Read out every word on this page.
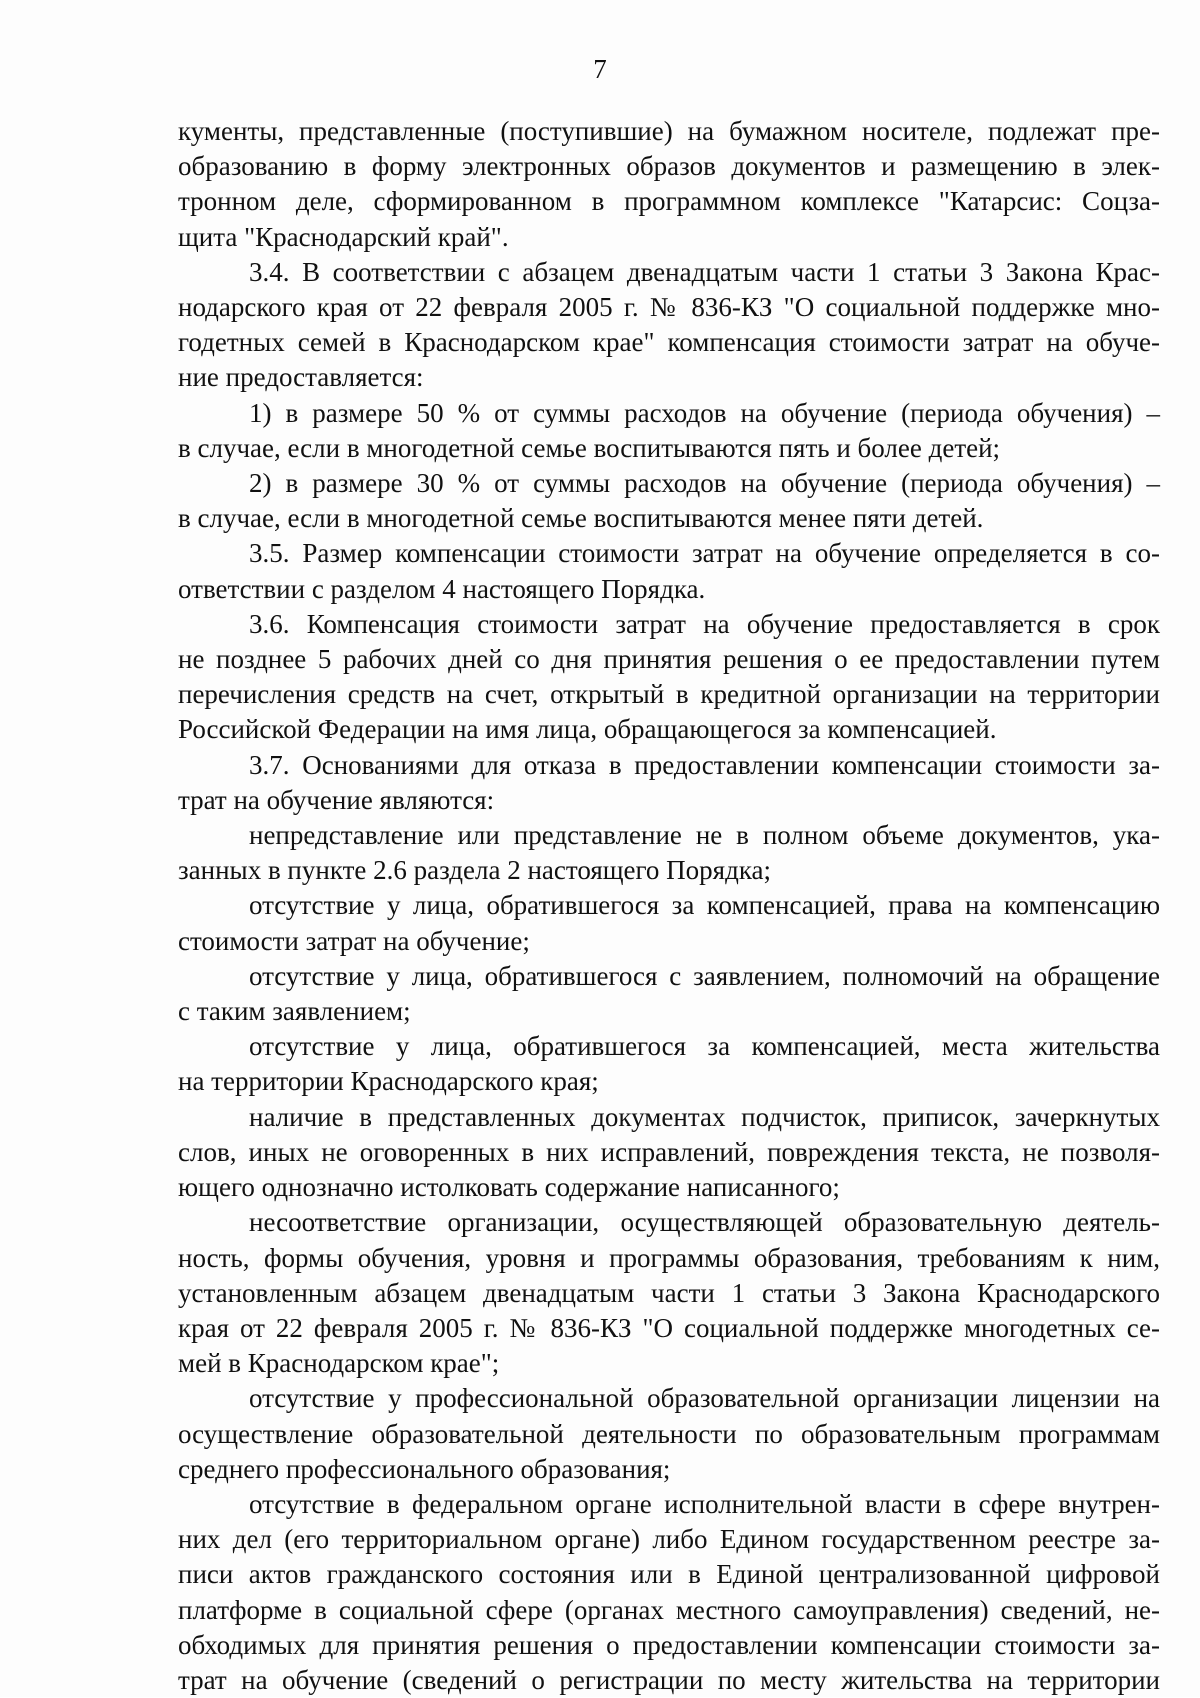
7

кументы, представленные (поступившие) на бумажном носителе, подлежат пре-
образованию в форму электронных образов документов и размещению в элек-
тронном деле, сформированном в программном комплексе "Катарсис: Соцза-
щита "Краснодарский край".

3.4. В соответствии с абзацем двенадцатым части 1 статьи 3 Закона Крас-
нодарского края от 22 февраля 2005 г. № 836-КЗ "О социальной поддержке мно-
годетных семей в Краснодарском крае" компенсация стоимости затрат на обуче-
ние предоставляется:

1) в размере 50 % от суммы расходов на обучение (периода обучения) –
в случае, если в многодетной семье воспитываются пять и более детей;

2) в размере 30 % от суммы расходов на обучение (периода обучения) –
в случае, если в многодетной семье воспитываются менее пяти детей.

3.5. Размер компенсации стоимости затрат на обучение определяется в со-
ответствии с разделом 4 настоящего Порядка.

3.6. Компенсация стоимости затрат на обучение предоставляется в срок
не позднее 5 рабочих дней со дня принятия решения о ее предоставлении путем
перечисления средств на счет, открытый в кредитной организации на территории
Российской Федерации на имя лица, обращающегося за компенсацией.

3.7. Основаниями для отказа в предоставлении компенсации стоимости за-
трат на обучение являются:

непредставление или представление не в полном объеме документов, ука-
занных в пункте 2.6 раздела 2 настоящего Порядка;

отсутствие у лица, обратившегося за компенсацией, права на компенсацию
стоимости затрат на обучение;

отсутствие у лица, обратившегося с заявлением, полномочий на обращение
с таким заявлением;

отсутствие у лица, обратившегося за компенсацией, места жительства
на территории Краснодарского края;

наличие в представленных документах подчисток, приписок, зачеркнутых
слов, иных не оговоренных в них исправлений, повреждения текста, не позволя-
ющего однозначно истолковать содержание написанного;

несоответствие организации, осуществляющей образовательную деятель-
ность, формы обучения, уровня и программы образования, требованиям к ним,
установленным абзацем двенадцатым части 1 статьи 3 Закона Краснодарского
края от 22 февраля 2005 г. № 836-КЗ "О социальной поддержке многодетных се-
мей в Краснодарском крае";

отсутствие у профессиональной образовательной организации лицензии на
осуществление образовательной деятельности по образовательным программам
среднего профессионального образования;

отсутствие в федеральном органе исполнительной власти в сфере внутрен-
них дел (его территориальном органе) либо Едином государственном реестре за-
писи актов гражданского состояния или в Единой централизованной цифровой
платформе в социальной сфере (органах местного самоуправления) сведений, не-
обходимых для принятия решения о предоставлении компенсации стоимости за-
трат на обучение (сведений о регистрации по месту жительства на территории
